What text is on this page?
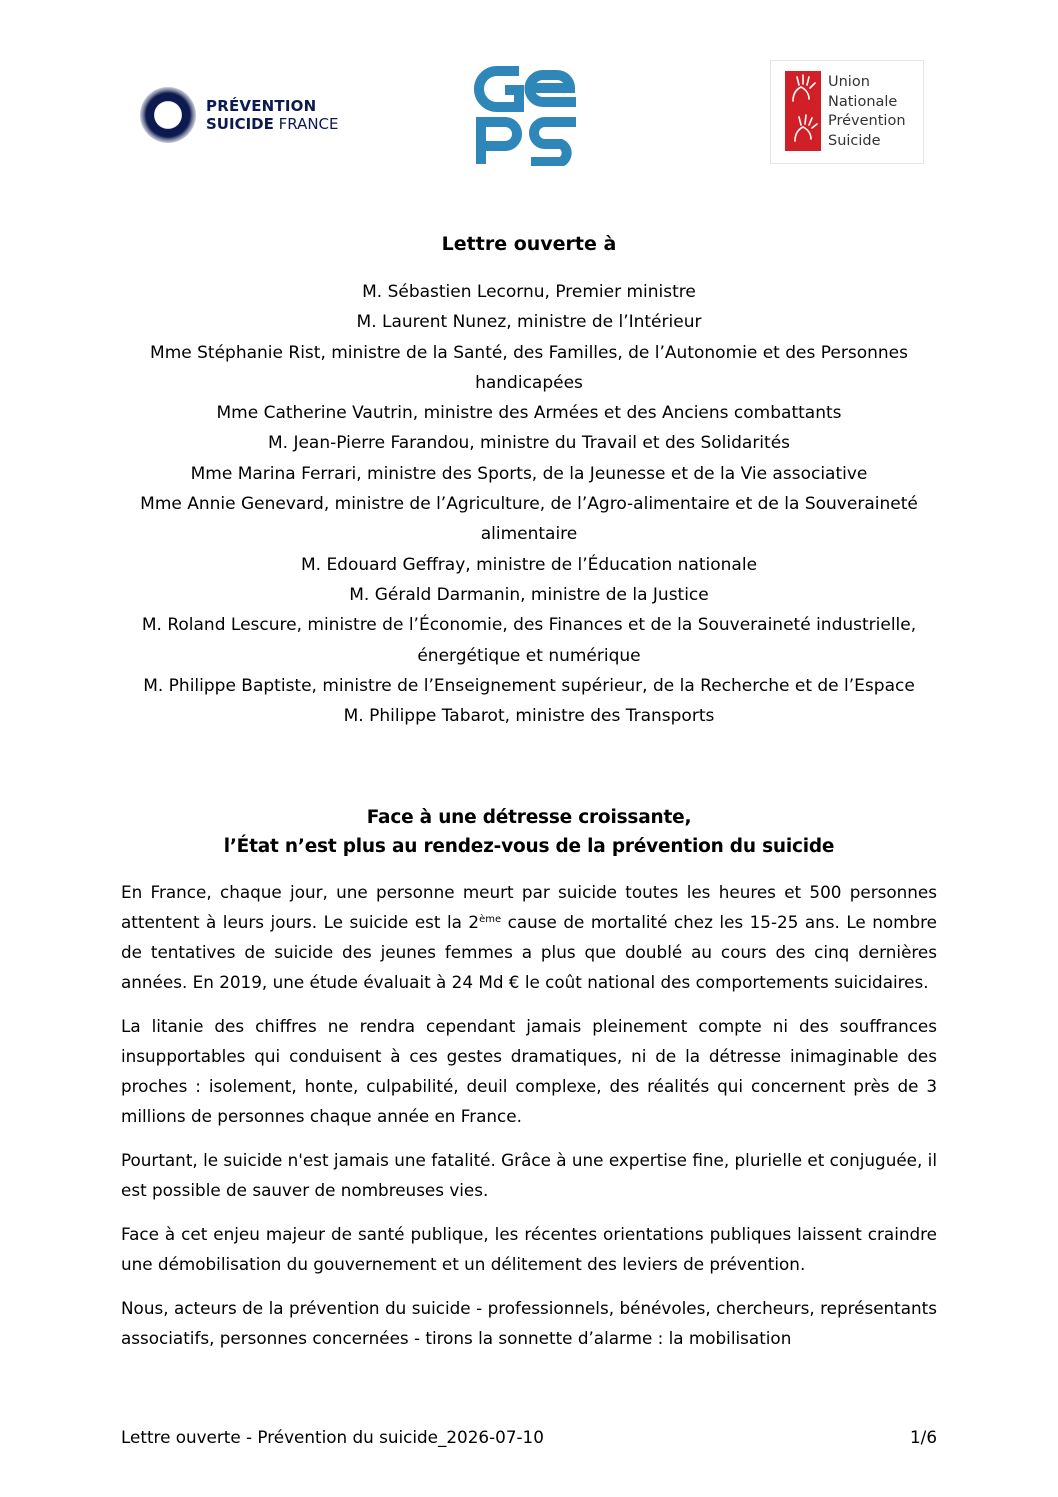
PRÉVENTION
SUICIDE FRANCE
Union
Nationale
Prévention
Suicide
Lettre ouverte à
M. Sébastien Lecornu, Premier ministre
M. Laurent Nunez, ministre de l’Intérieur
Mme Stéphanie Rist, ministre de la Santé, des Familles, de l’Autonomie et des Personnes
handicapées
Mme Catherine Vautrin, ministre des Armées et des Anciens combattants
M. Jean-Pierre Farandou, ministre du Travail et des Solidarités
Mme Marina Ferrari, ministre des Sports, de la Jeunesse et de la Vie associative
Mme Annie Genevard, ministre de l’Agriculture, de l’Agro-alimentaire et de la Souveraineté
alimentaire
M. Edouard Geffray, ministre de l’Éducation nationale
M. Gérald Darmanin, ministre de la Justice
M. Roland Lescure, ministre de l’Économie, des Finances et de la Souveraineté industrielle,
énergétique et numérique
M. Philippe Baptiste, ministre de l’Enseignement supérieur, de la Recherche et de l’Espace
M. Philippe Tabarot, ministre des Transports
Face à une détresse croissante,
l’État n’est plus au rendez-vous de la prévention du suicide

En France, chaque jour, une personne meurt par suicide toutes les heures et 500 personnes attentent à leurs jours. Le suicide est la 2ème cause de mortalité chez les 15-25 ans. Le nombre de tentatives de suicide des jeunes femmes a plus que doublé au cours des cinq dernières années. En 2019, une étude évaluait à 24 Md € le coût national des comportements suicidaires.

La litanie des chiffres ne rendra cependant jamais pleinement compte ni des souffrances insupportables qui conduisent à ces gestes dramatiques, ni de la détresse inimaginable des proches : isolement, honte, culpabilité, deuil complexe, des réalités qui concernent près de 3 millions de personnes chaque année en France.

Pourtant, le suicide n'est jamais une fatalité. Grâce à une expertise fine, plurielle et conjuguée, il est possible de sauver de nombreuses vies.

Face à cet enjeu majeur de santé publique, les récentes orientations publiques laissent craindre une démobilisation du gouvernement et un délitement des leviers de prévention.

Nous, acteurs de la prévention du suicide - professionnels, bénévoles, chercheurs, représentants associatifs, personnes concernées - tirons la sonnette d’alarme : la mobilisation

Lettre ouverte - Prévention du suicide_2026-07-10	1/6
